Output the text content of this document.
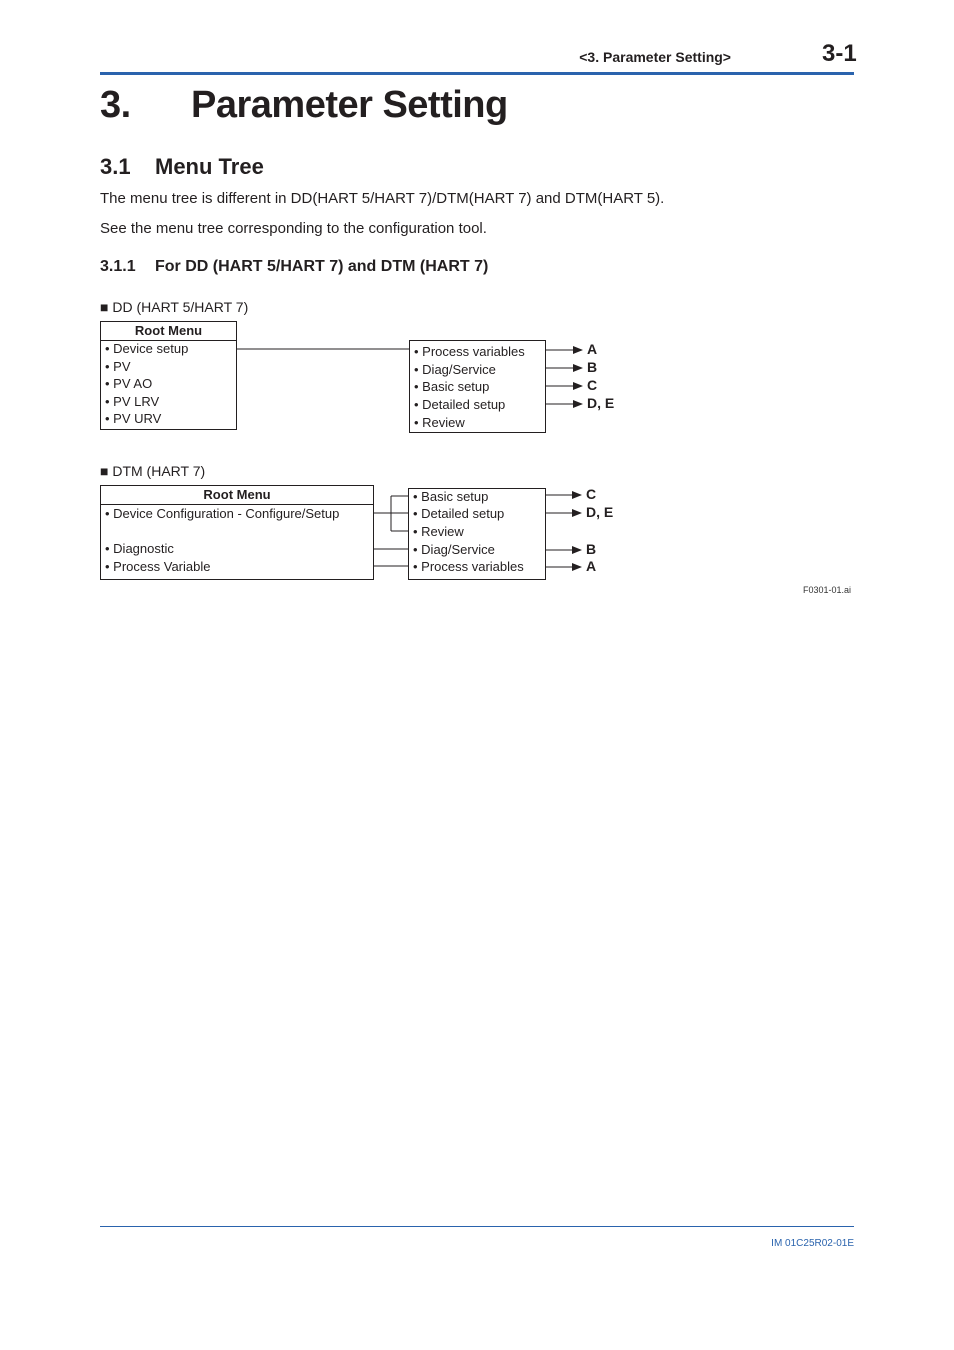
<3. Parameter Setting>	3-1
3. Parameter Setting
3.1 Menu Tree
The menu tree is different in DD(HART 5/HART 7)/DTM(HART 7) and DTM(HART 5).
See the menu tree corresponding to the configuration tool.
3.1.1 For DD (HART 5/HART 7) and DTM (HART 7)
■ DD (HART 5/HART 7)
Root Menu
• Device setup
• PV
• PV AO
• PV LRV
• PV URV
• Process variables
• Diag/Service
• Basic setup
• Detailed setup
• Review
A
B
C
D, E
■ DTM (HART 7)
Root Menu
• Device Configuration - Configure/Setup
• Diagnostic
• Process Variable
• Basic setup
• Detailed setup
• Review
• Diag/Service
• Process variables
C
D, E
B
A
F0301-01.ai
IM 01C25R02-01E
